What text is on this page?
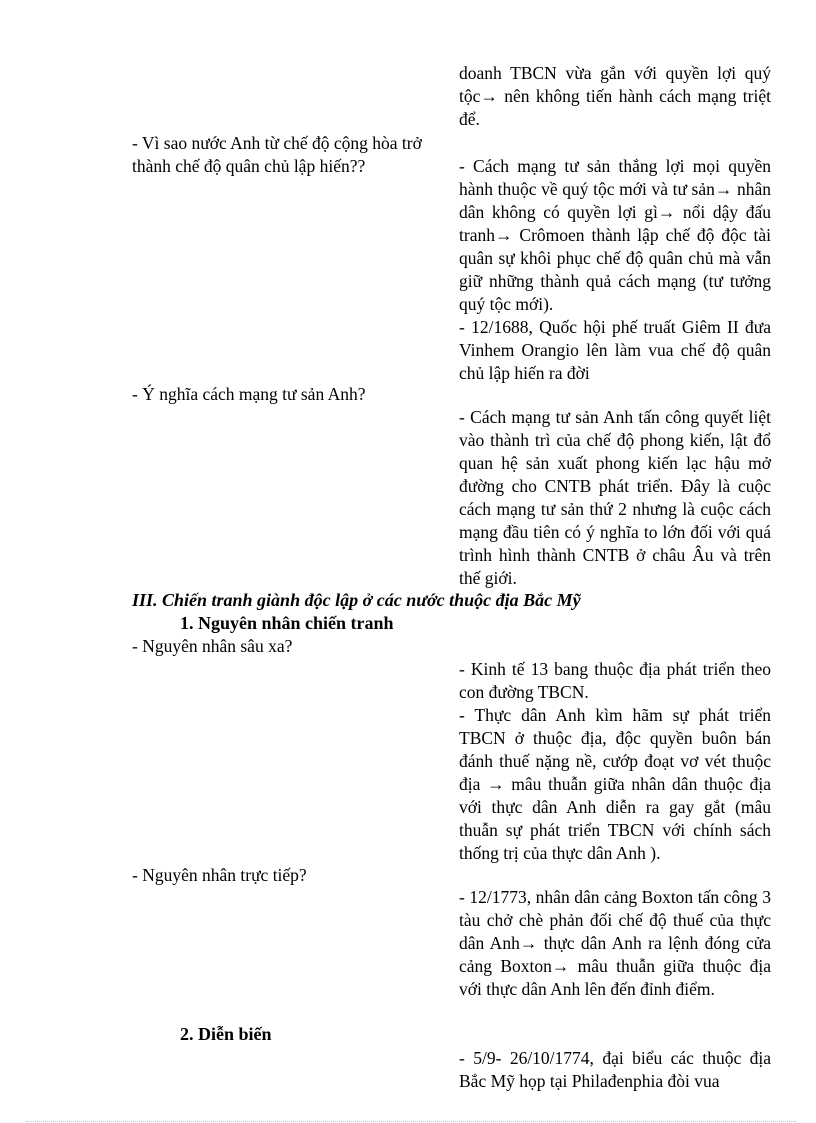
doanh TBCN vừa gắn với quyền lợi quý tộc→ nên không tiến hành cách mạng triệt để.

- Vì sao nước Anh từ chế độ cộng hòa trở thành chế độ quân chủ lập hiến??	- Cách mạng tư sản thắng lợi mọi quyền hành thuộc về quý tộc mới và tư sản→ nhân dân không có quyền lợi gì→ nổi dậy đấu tranh→ Crômoen thành lập chế độ độc tài quân sự khôi phục chế độ quân chủ mà vẫn giữ những thành quả cách mạng (tư tưởng quý tộc mới).

- 12/1688, Quốc hội phế truất Giêm II đưa Vinhem Orangio lên làm vua chế độ quân chủ lập hiến ra đời

- Ý nghĩa cách mạng tư sản Anh?

- Cách mạng tư sản Anh tấn công quyết liệt vào thành trì của chế độ phong kiến, lật đổ quan hệ sản xuất phong kiến lạc hậu mở đường cho CNTB phát triển. Đây là cuộc cách mạng tư sản thứ 2 nhưng là cuộc cách mạng đầu tiên có ý nghĩa to lớn đối với quá trình hình thành CNTB ở châu Âu và trên thế giới.

III. Chiến tranh giành độc lập ở các nước thuộc địa Bắc Mỹ
1. Nguyên nhân chiến tranh
- Nguyên nhân sâu xa?

- Kinh tế 13 bang thuộc địa phát triển theo con đường TBCN.

- Thực dân Anh kìm hãm sự phát triển TBCN ở thuộc địa, độc quyền buôn bán đánh thuế nặng nề, cướp đoạt vơ vét thuộc địa → mâu thuẫn giữa nhân dân thuộc địa với thực dân Anh diễn ra gay gắt (mâu thuẫn sự phát triển TBCN với chính sách thống trị của thực dân Anh ).

- Nguyên nhân trực tiếp?

- 12/1773, nhân dân cảng Boxton tấn công 3 tàu chở chè phản đối chế độ thuế của thực dân Anh→ thực dân Anh ra lệnh đóng cửa cảng Boxton→ mâu thuẫn giữa thuộc địa với thực dân Anh lên đến đỉnh điểm.

2. Diễn biến

- 5/9- 26/10/1774, đại biểu các thuộc địa Bắc Mỹ họp tại Philađenphia đòi vua
